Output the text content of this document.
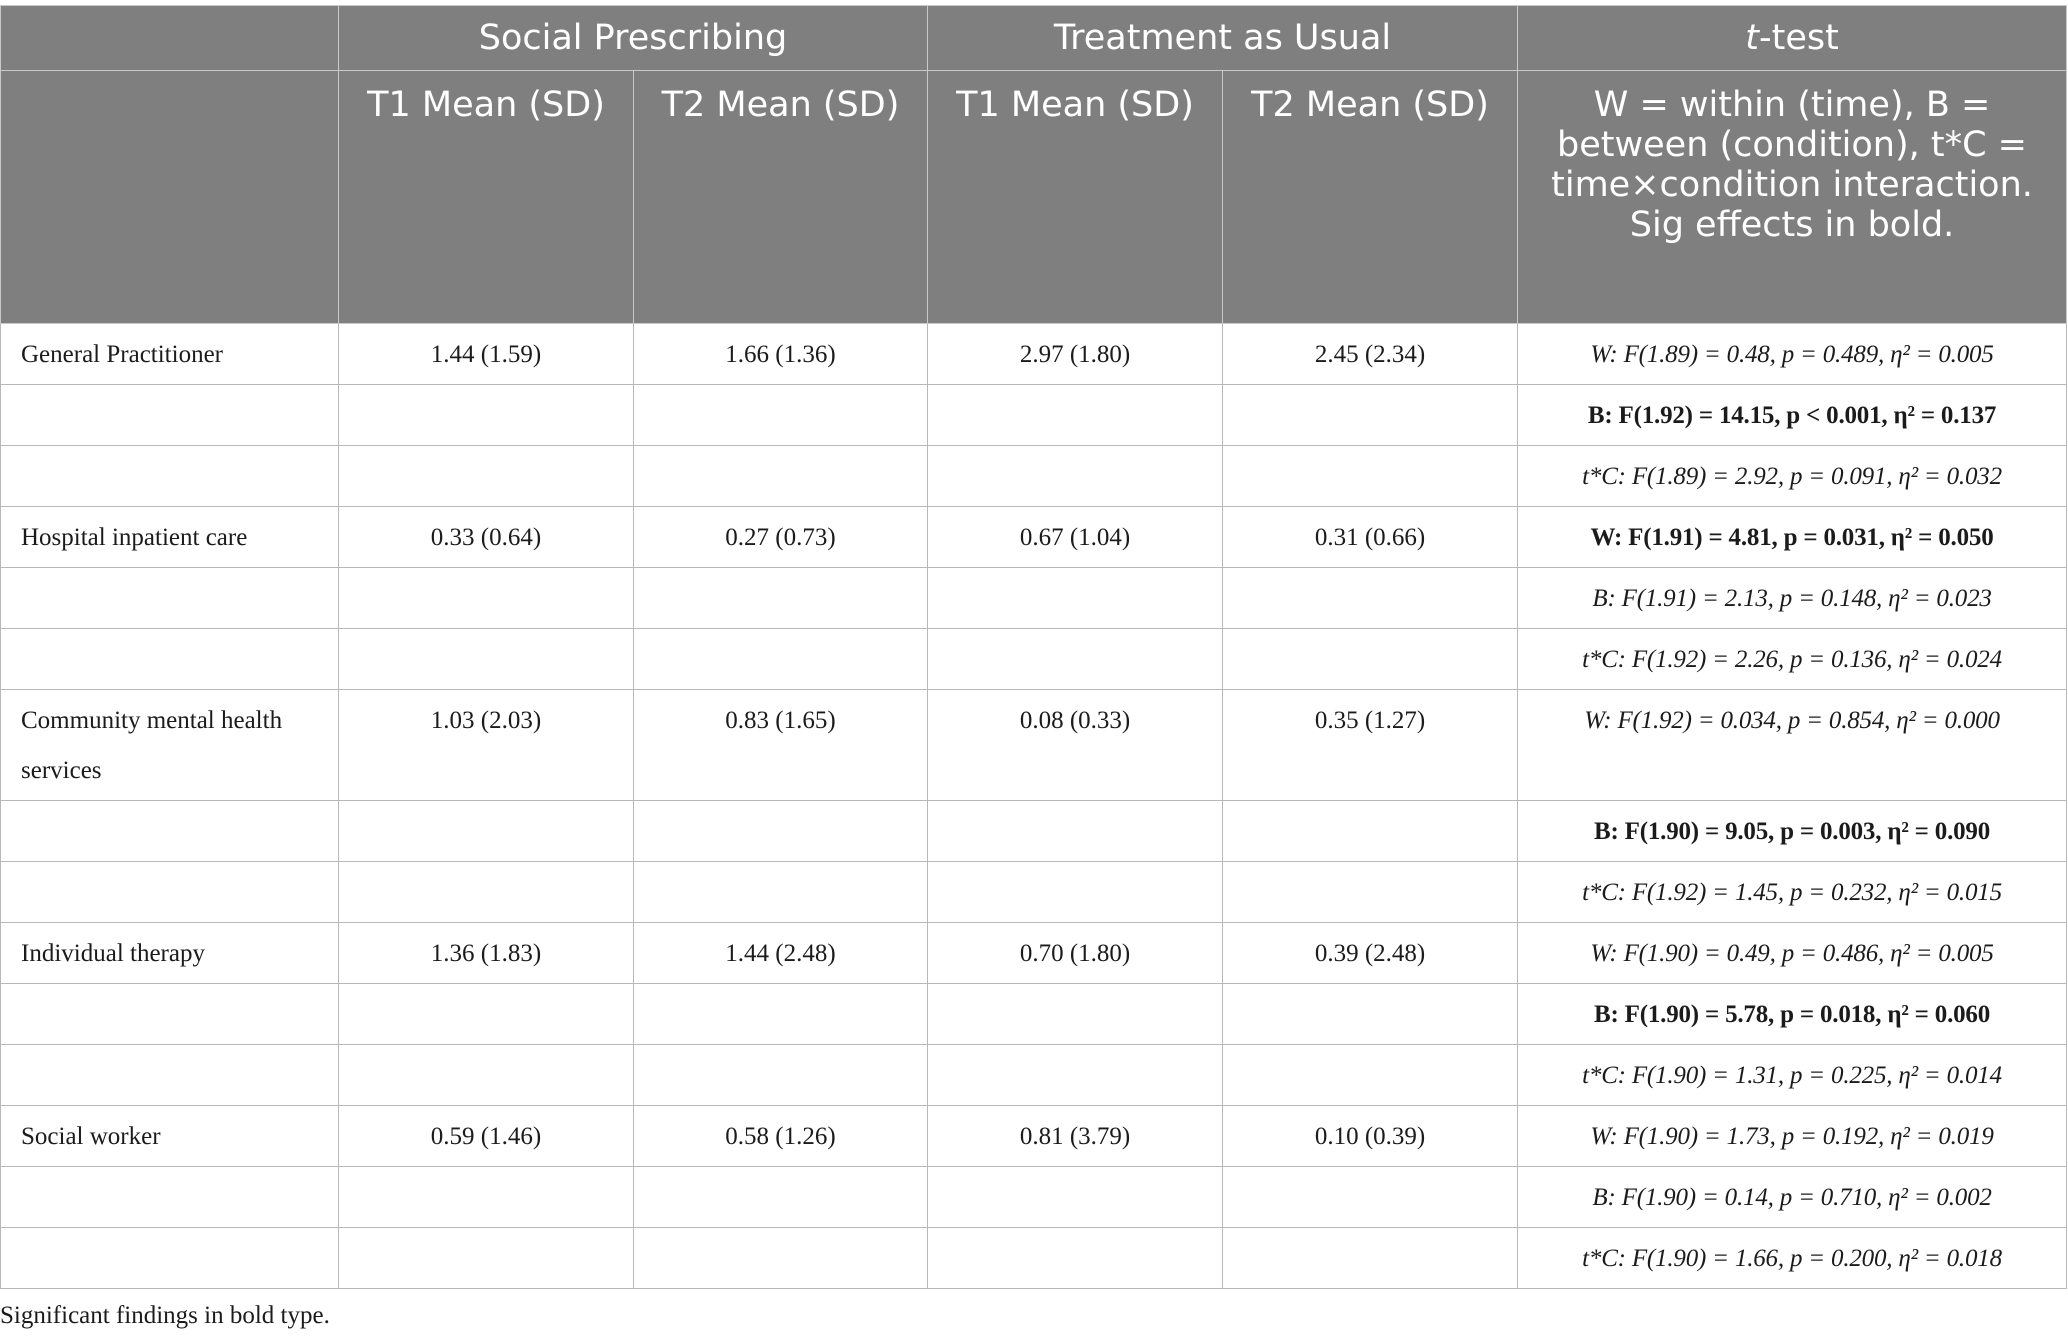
	Social Prescribing		Treatment as Usual		t-test
	T1 Mean (SD)	T2 Mean (SD)	T1 Mean (SD)	T2 Mean (SD)	W = within (time), B = between (condition), t*C = time×condition interaction. Sig effects in bold.
General Practitioner	1.44 (1.59)	1.66 (1.36)	2.97 (1.80)	2.45 (2.34)	W: F(1.89) = 0.48, p = 0.489, η² = 0.005
					B: F(1.92) = 14.15, p < 0.001, η² = 0.137
					t*C: F(1.89) = 2.92, p = 0.091, η² = 0.032
Hospital inpatient care	0.33 (0.64)	0.27 (0.73)	0.67 (1.04)	0.31 (0.66)	W: F(1.91) = 4.81, p = 0.031, η² = 0.050
					B: F(1.91) = 2.13, p = 0.148, η² = 0.023
					t*C: F(1.92) = 2.26, p = 0.136, η² = 0.024
Community mental health services	1.03 (2.03)	0.83 (1.65)	0.08 (0.33)	0.35 (1.27)	W: F(1.92) = 0.034, p = 0.854, η² = 0.000
					B: F(1.90) = 9.05, p = 0.003, η² = 0.090
					t*C: F(1.92) = 1.45, p = 0.232, η² = 0.015
Individual therapy	1.36 (1.83)	1.44 (2.48)	0.70 (1.80)	0.39 (2.48)	W: F(1.90) = 0.49, p = 0.486, η² = 0.005
					B: F(1.90) = 5.78, p = 0.018, η² = 0.060
					t*C: F(1.90) = 1.31, p = 0.225, η² = 0.014
Social worker	0.59 (1.46)	0.58 (1.26)	0.81 (3.79)	0.10 (0.39)	W: F(1.90) = 1.73, p = 0.192, η² = 0.019
					B: F(1.90) = 0.14, p = 0.710, η² = 0.002
					t*C: F(1.90) = 1.66, p = 0.200, η² = 0.018
Significant findings in bold type.
